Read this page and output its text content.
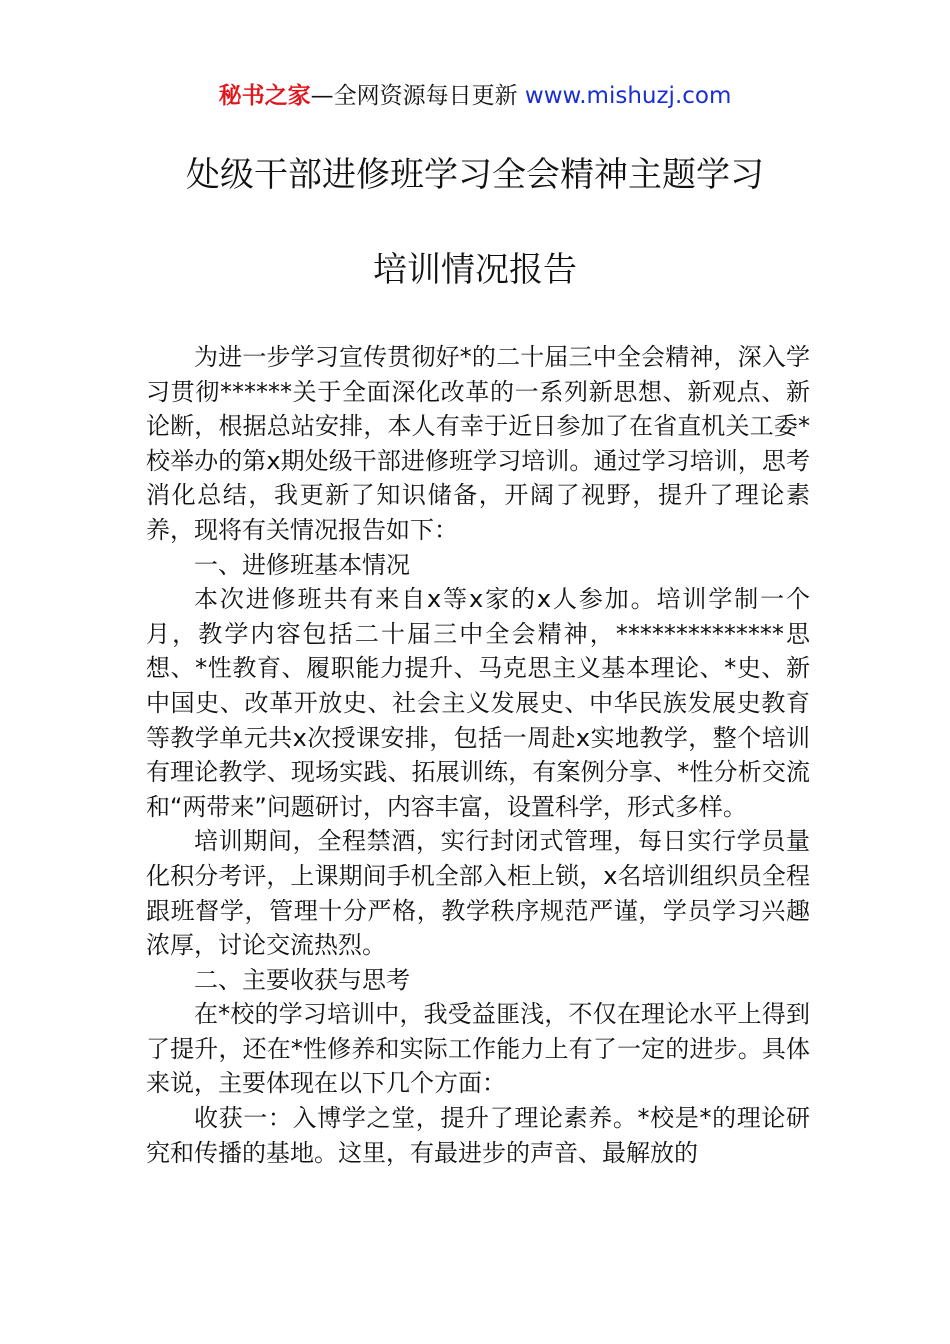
秘书之家—全网资源每日更新 www.mishuzj.com
处级干部进修班学习全会精神主题学习
培训情况报告

为进一步学习宣传贯彻好*的二十届三中全会精神，深入学习贯彻******关于全面深化改革的一系列新思想、新观点、新论断，根据总站安排，本人有幸于近日参加了在省直机关工委*校举办的第x期处级干部进修班学习培训。通过学习培训，思考消化总结，我更新了知识储备，开阔了视野，提升了理论素养，现将有关情况报告如下：

一、进修班基本情况

本次进修班共有来自x等x家的x人参加。培训学制一个月，教学内容包括二十届三中全会精神，**************思想、*性教育、履职能力提升、马克思主义基本理论、*史、新中国史、改革开放史、社会主义发展史、中华民族发展史教育等教学单元共x次授课安排，包括一周赴x实地教学，整个培训有理论教学、现场实践、拓展训练，有案例分享、*性分析交流和“两带来”问题研讨，内容丰富，设置科学，形式多样。

培训期间，全程禁酒，实行封闭式管理，每日实行学员量化积分考评，上课期间手机全部入柜上锁，x名培训组织员全程跟班督学，管理十分严格，教学秩序规范严谨，学员学习兴趣浓厚，讨论交流热烈。

二、主要收获与思考

在*校的学习培训中，我受益匪浅，不仅在理论水平上得到了提升，还在*性修养和实际工作能力上有了一定的进步。具体来说，主要体现在以下几个方面：

收获一：入博学之堂，提升了理论素养。*校是*的理论研究和传播的基地。这里，有最进步的声音、最解放的
